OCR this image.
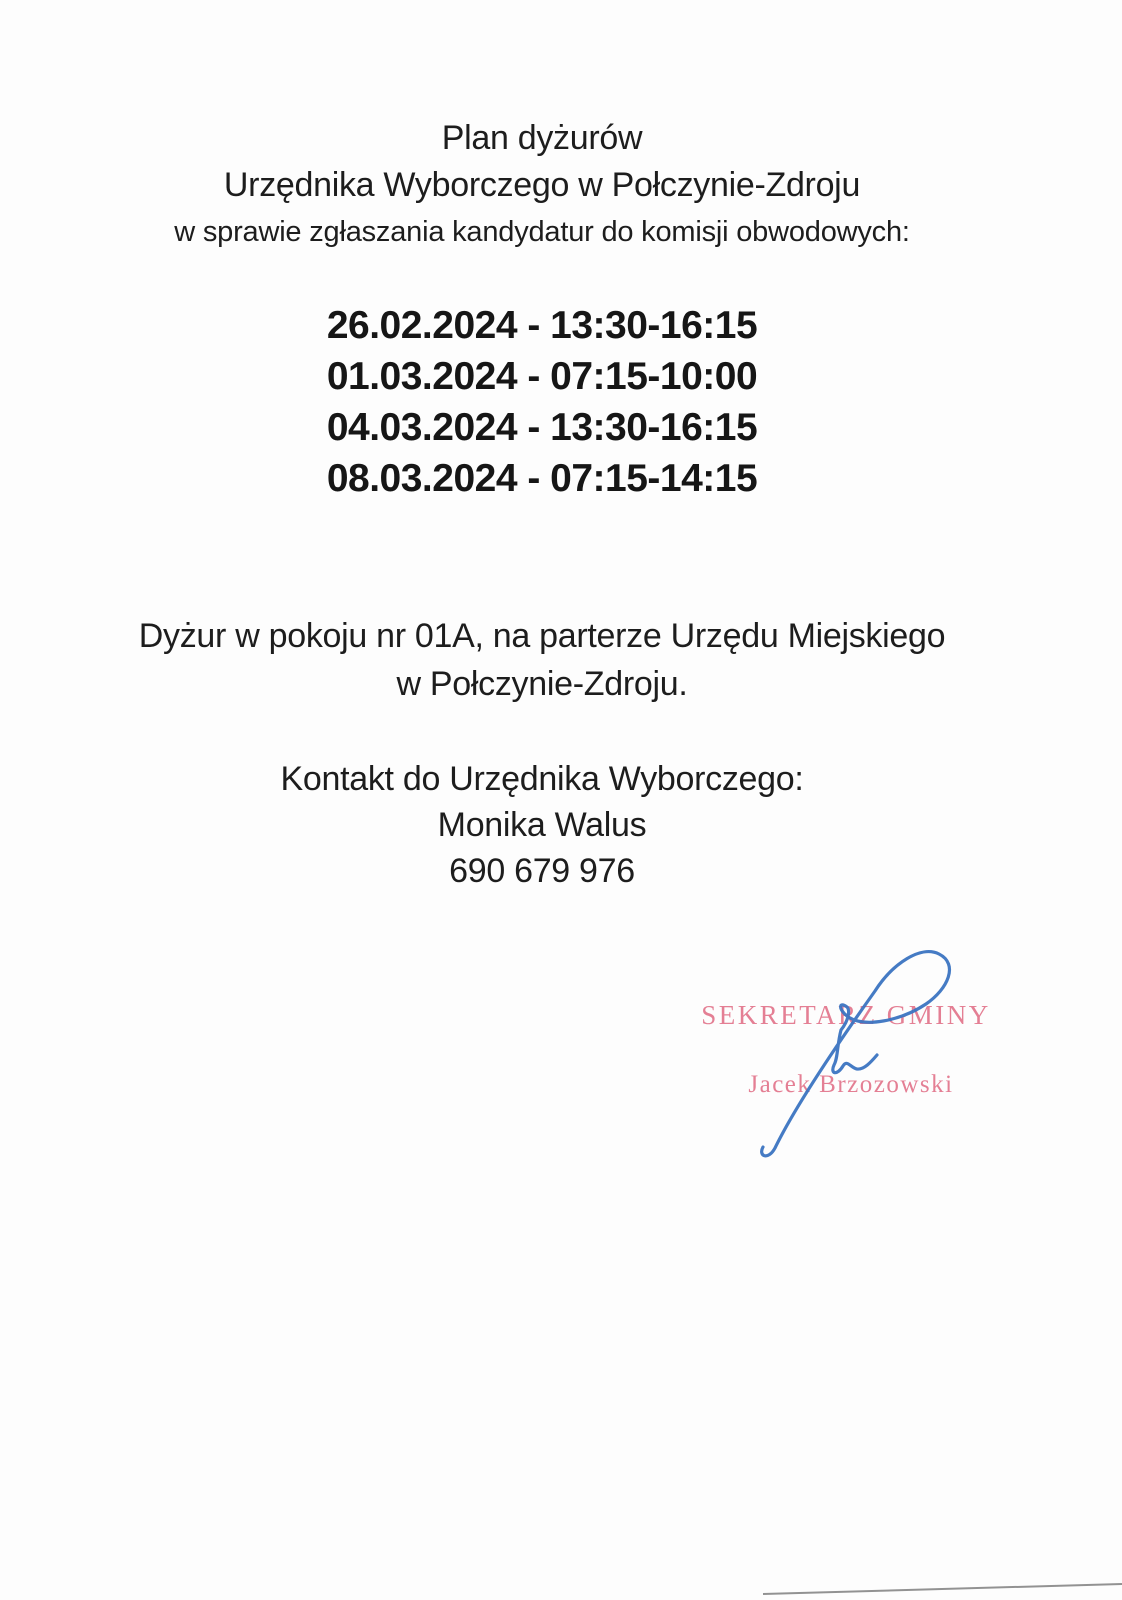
Plan dyżurów
Urzędnika Wyborczego w Połczynie-Zdroju
w sprawie zgłaszania kandydatur do komisji obwodowych:
26.02.2024 - 13:30-16:15
01.03.2024 - 07:15-10:00
04.03.2024 - 13:30-16:15
08.03.2024 - 07:15-14:15
Dyżur w pokoju nr 01A, na parterze Urzędu Miejskiego
w Połczynie-Zdroju.
Kontakt do Urzędnika Wyborczego:
Monika Walus
690 679 976
SEKRETARZ GMINY
Jacek Brzozowski
